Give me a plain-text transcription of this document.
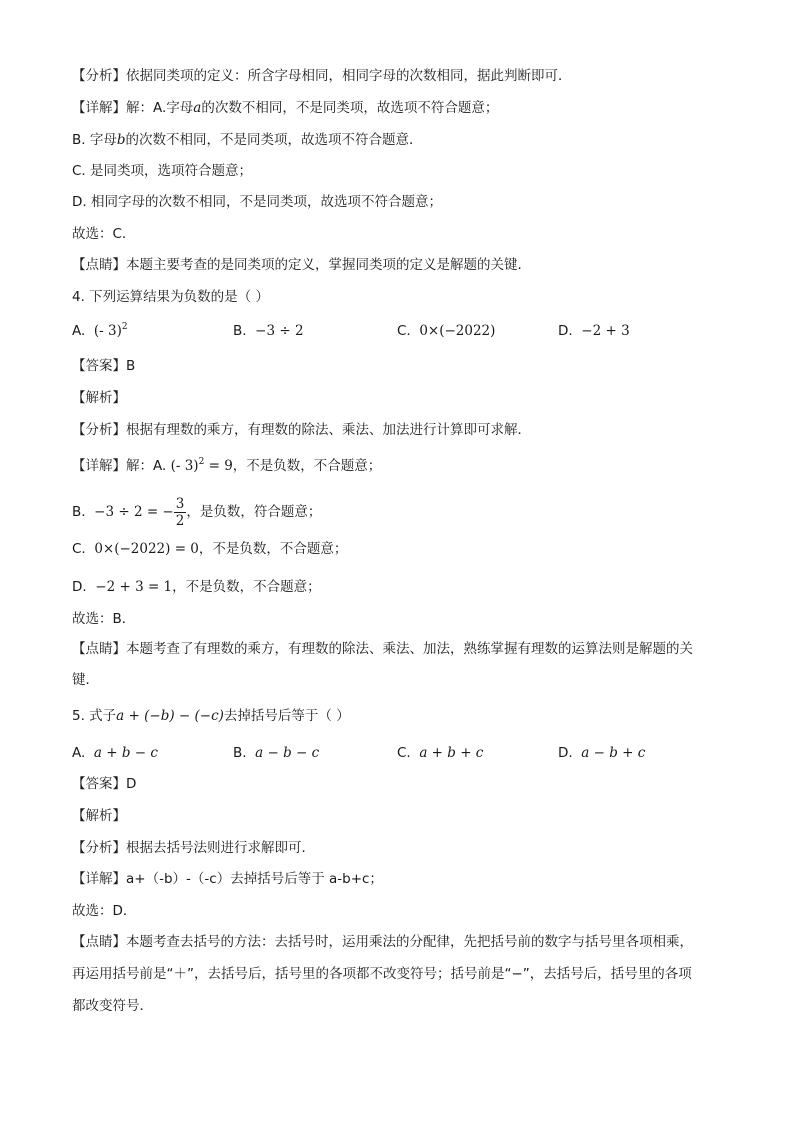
【分析】依据同类项的定义：所含字母相同，相同字母的次数相同，据此判断即可．
【详解】解：A.字母a的次数不相同，不是同类项，故选项不符合题意；
B. 字母b的次数不相同，不是同类项，故选项不符合题意．
C. 是同类项，选项符合题意；
D. 相同字母的次数不相同，不是同类项，故选项不符合题意；
故选：C．
【点睛】本题主要考查的是同类项的定义，掌握同类项的定义是解题的关键．
4. 下列运算结果为负数的是（ ）
A. (- 3)$^2$	B. −3 ÷ 2	C. 0×(−2022)	D. −2 + 3
【答案】B
【解析】
【分析】根据有理数的乘方，有理数的除法、乘法、加法进行计算即可求解．
【详解】解：A. (- 3)$^2$ = 9，不是负数，不合题意；
B. −3 ÷ 2 = − $\frac{3}{2}$ ，是负数，符合题意；
C. 0×(−2022) = 0，不是负数，不合题意；
D. −2 + 3 = 1，不是负数，不合题意；
故选：B．
【点睛】本题考查了有理数的乘方，有理数的除法、乘法、加法，熟练掌握有理数的运算法则是解题的关
键．
5. 式子a + (−b) − (−c)去掉括号后等于（ ）
A. a + b − c	B. a − b − c	C. a + b + c	D. a − b + c
【答案】D
【解析】
【分析】根据去括号法则进行求解即可．
【详解】a+（-b）-（-c）去掉括号后等于 a-b+c；
故选：D．
【点睛】本题考查去括号的方法：去括号时，运用乘法的分配律，先把括号前的数字与括号里各项相乘，
再运用括号前是“＋”，去括号后，括号里的各项都不改变符号；括号前是“−”，去括号后，括号里的各项
都改变符号．
